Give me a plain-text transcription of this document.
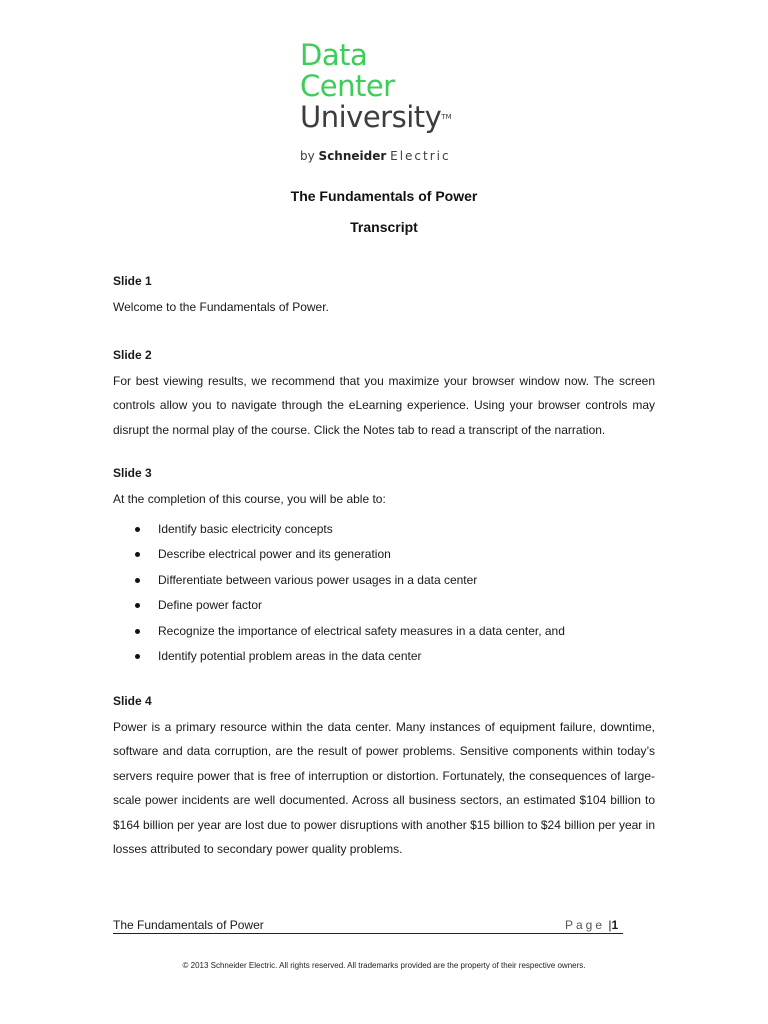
Data
Center
University™
by Schneider Electric
The Fundamentals of Power
Transcript

Slide 1

Welcome to the Fundamentals of Power.

Slide 2

For best viewing results, we recommend that you maximize your browser window now. The screen controls allow you to navigate through the eLearning experience. Using your browser controls may disrupt the normal play of the course. Click the Notes tab to read a transcript of the narration.

Slide 3

At the completion of this course, you will be able to:

Identify basic electricity concepts
Describe electrical power and its generation
Differentiate between various power usages in a data center
Define power factor
Recognize the importance of electrical safety measures in a data center, and
Identify potential problem areas in the data center

Slide 4

Power is a primary resource within the data center. Many instances of equipment failure, downtime, software and data corruption, are the result of power problems. Sensitive components within today’s servers require power that is free of interruption or distortion. Fortunately, the consequences of large-scale power incidents are well documented. Across all business sectors, an estimated $104 billion to $164 billion per year are lost due to power disruptions with another $15 billion to $24 billion per year in losses attributed to secondary power quality problems.

The Fundamentals of Power	Page |1
© 2013 Schneider Electric. All rights reserved. All trademarks provided are the property of their respective owners.
